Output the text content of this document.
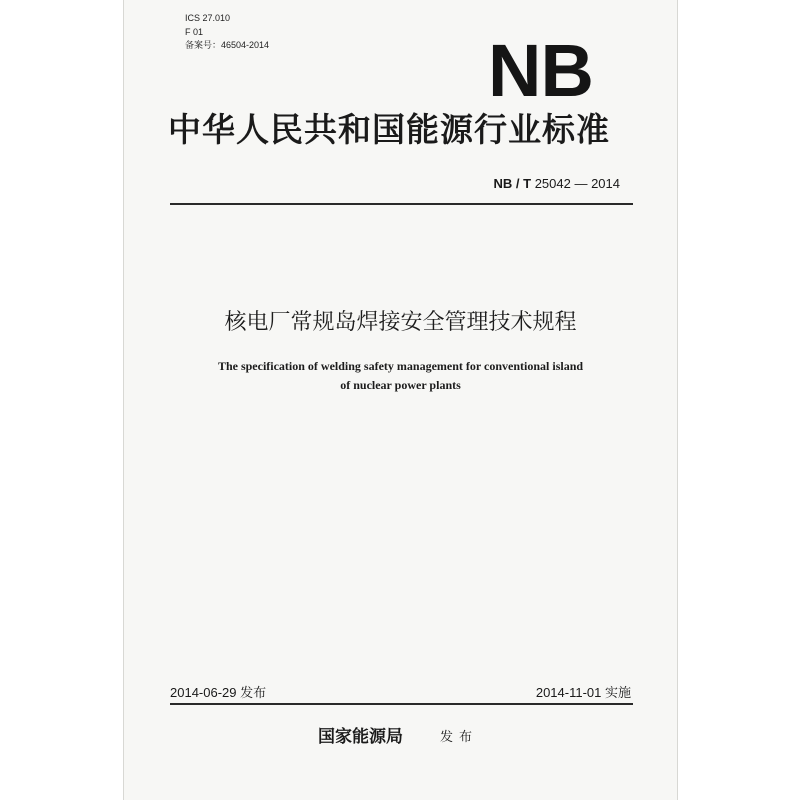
ICS 27.010
F 01
备案号：46504-2014	NB
中华人民共和国能源行业标准
NB / T 25042 — 2014
核电厂常规岛焊接安全管理技术规程
The specification of welding safety management for conventional island
of nuclear power plants
2014-06-29 发布	2014-11-01 实施
国家能源局	发布
